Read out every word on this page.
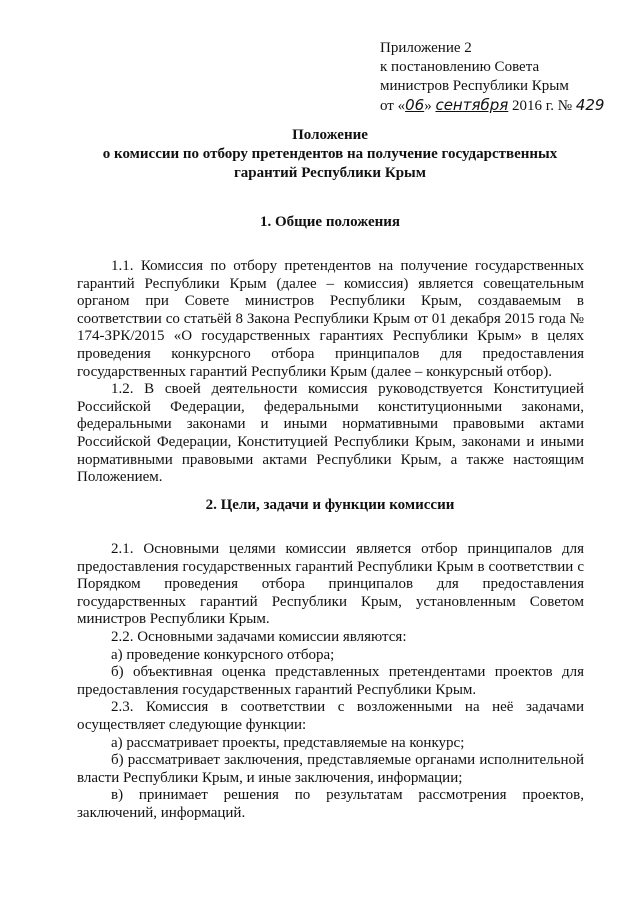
Приложение 2
к постановлению Совета
министров Республики Крым
от «06» сентября 2016 г. № 429
Положение
о комиссии по отбору претендентов на получение государственных
гарантий Республики Крым
1. Общие положения

1.1. Комиссия по отбору претендентов на получение государственных гарантий Республики Крым (далее – комиссия) является совещательным органом при Совете министров Республики Крым, создаваемым в соответствии со статьёй 8 Закона Республики Крым от 01 декабря 2015 года № 174-ЗРК/2015 «О государственных гарантиях Республики Крым» в целях проведения конкурсного отбора принципалов для предоставления государственных гарантий Республики Крым (далее – конкурсный отбор).

1.2. В своей деятельности комиссия руководствуется Конституцией Российской Федерации, федеральными конституционными законами, федеральными законами и иными нормативными правовыми актами Российской Федерации, Конституцией Республики Крым, законами и иными нормативными правовыми актами Республики Крым, а также настоящим Положением.

2. Цели, задачи и функции комиссии

2.1. Основными целями комиссии является отбор принципалов для предоставления государственных гарантий Республики Крым в соответствии с Порядком проведения отбора принципалов для предоставления государственных гарантий Республики Крым, установленным Советом министров Республики Крым.

2.2. Основными задачами комиссии являются:

а) проведение конкурсного отбора;

б) объективная оценка представленных претендентами проектов для предоставления государственных гарантий Республики Крым.

2.3. Комиссия в соответствии с возложенными на неё задачами осуществляет следующие функции:

а) рассматривает проекты, представляемые на конкурс;

б) рассматривает заключения, представляемые органами исполнительной власти Республики Крым, и иные заключения, информации;

в) принимает решения по результатам рассмотрения проектов, заключений, информаций.
